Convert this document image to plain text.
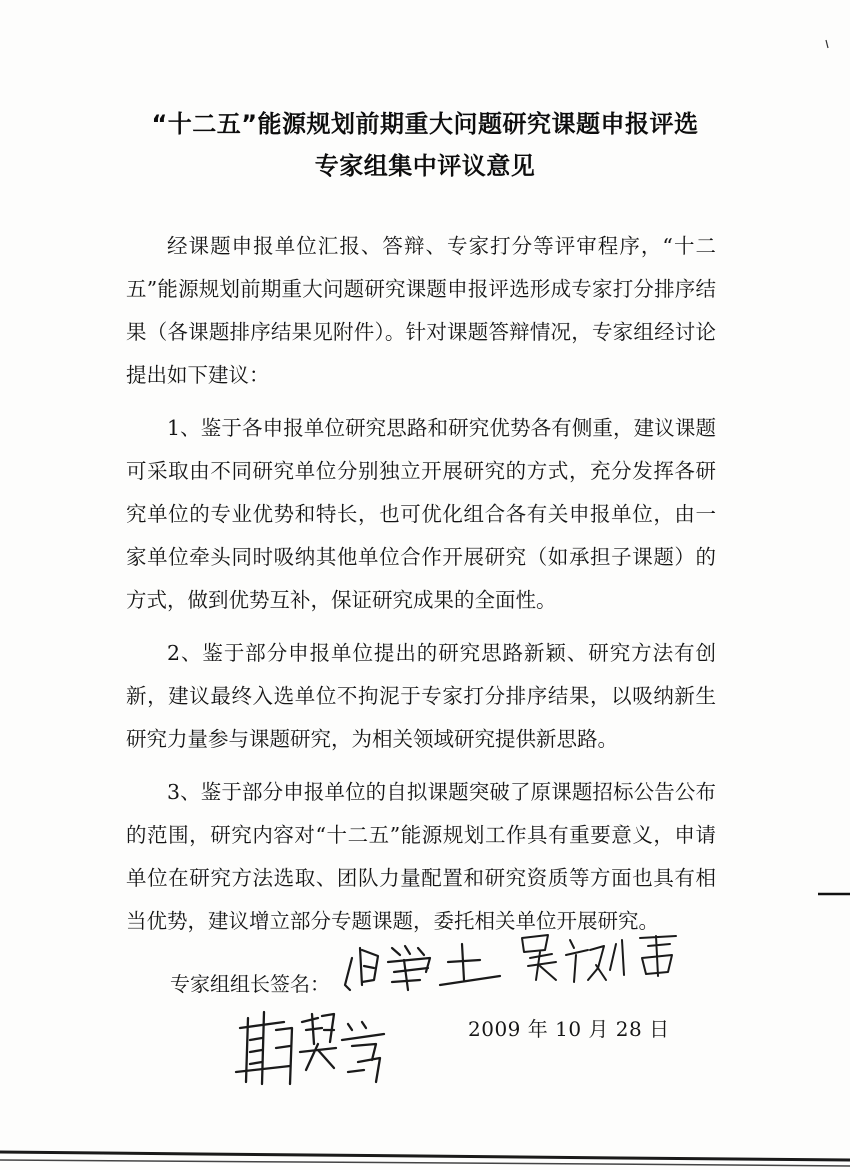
“十二五”能源规划前期重大问题研究课题申报评选
专家组集中评议意见

经课题申报单位汇报、答辩、专家打分等评审程序，“十二五”能源规划前期重大问题研究课题申报评选形成专家打分排序结果（各课题排序结果见附件）。针对课题答辩情况，专家组经讨论提出如下建议：

1、鉴于各申报单位研究思路和研究优势各有侧重，建议课题可采取由不同研究单位分别独立开展研究的方式，充分发挥各研究单位的专业优势和特长，也可优化组合各有关申报单位，由一家单位牵头同时吸纳其他单位合作开展研究（如承担子课题）的方式，做到优势互补，保证研究成果的全面性。

2、鉴于部分申报单位提出的研究思路新颖、研究方法有创新，建议最终入选单位不拘泥于专家打分排序结果，以吸纳新生研究力量参与课题研究，为相关领域研究提供新思路。

3、鉴于部分申报单位的自拟课题突破了原课题招标公告公布的范围，研究内容对“十二五”能源规划工作具有重要意义，申请单位在研究方法选取、团队力量配置和研究资质等方面也具有相当优势，建议增立部分专题课题，委托相关单位开展研究。

专家组组长签名：
2009 年 10 月 28 日
